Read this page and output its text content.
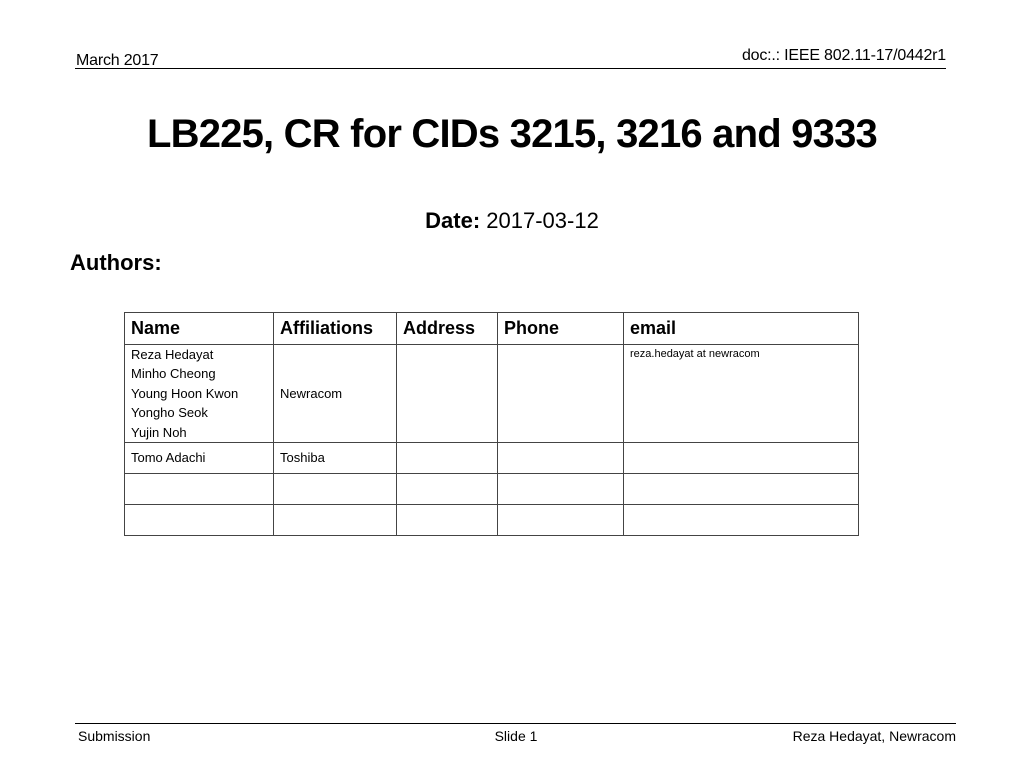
March 2017	doc:.: IEEE 802.11-17/0442r1
LB225, CR for CIDs 3215, 3216 and 9333
Date: 2017-03-12
Authors:
Name	Affiliations	Address	Phone	email

Reza Hedayat
Minho Cheong
Young Hoon Kwon
Yongho Seok
Yujin Noh	Newracom			reza.hedayat at newracom
Tomo Adachi	Toshiba			

Submission	Slide 1	Reza Hedayat, Newracom
